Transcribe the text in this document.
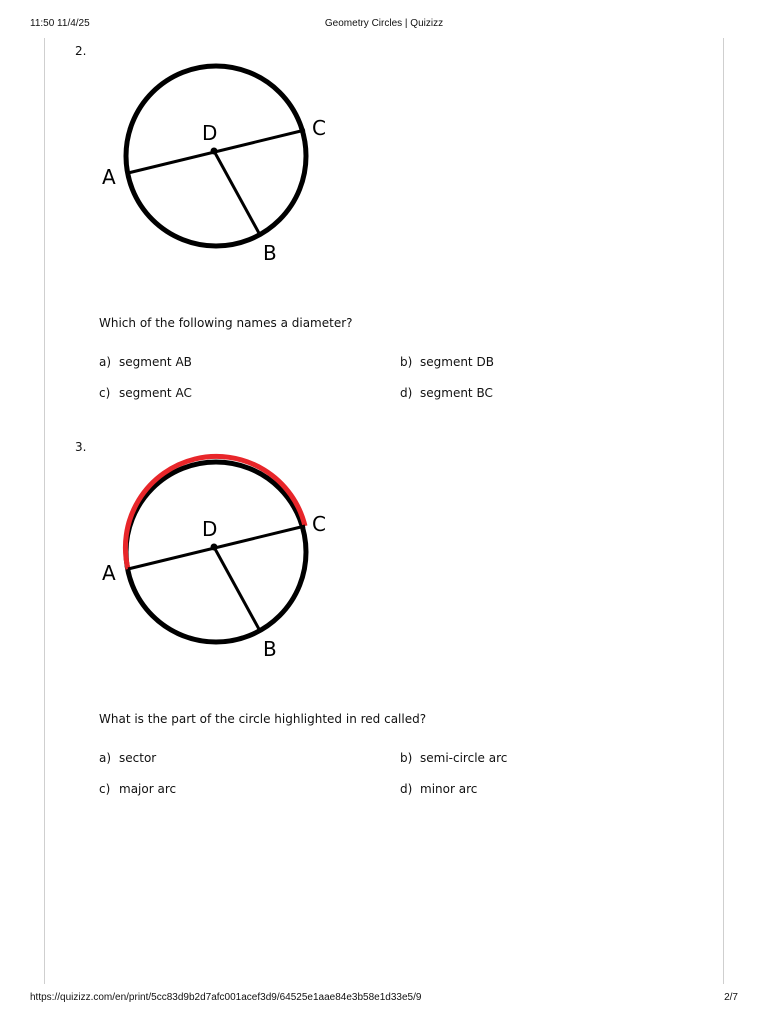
11:50 11/4/25	Geometry Circles | Quizizz
2.
D	C
A
B
Which of the following names a diameter?
a) segment AB	b) segment DB
c) segment AC	d) segment BC
3.
D	C
A
B
What is the part of the circle highlighted in red called?
a) sector	b) semi-circle arc
c) major arc	d) minor arc
https://quizizz.com/en/print/5cc83d9b2d7afc001acef3d9/64525e1aae84e3b58e1d33e5/9	2/7
